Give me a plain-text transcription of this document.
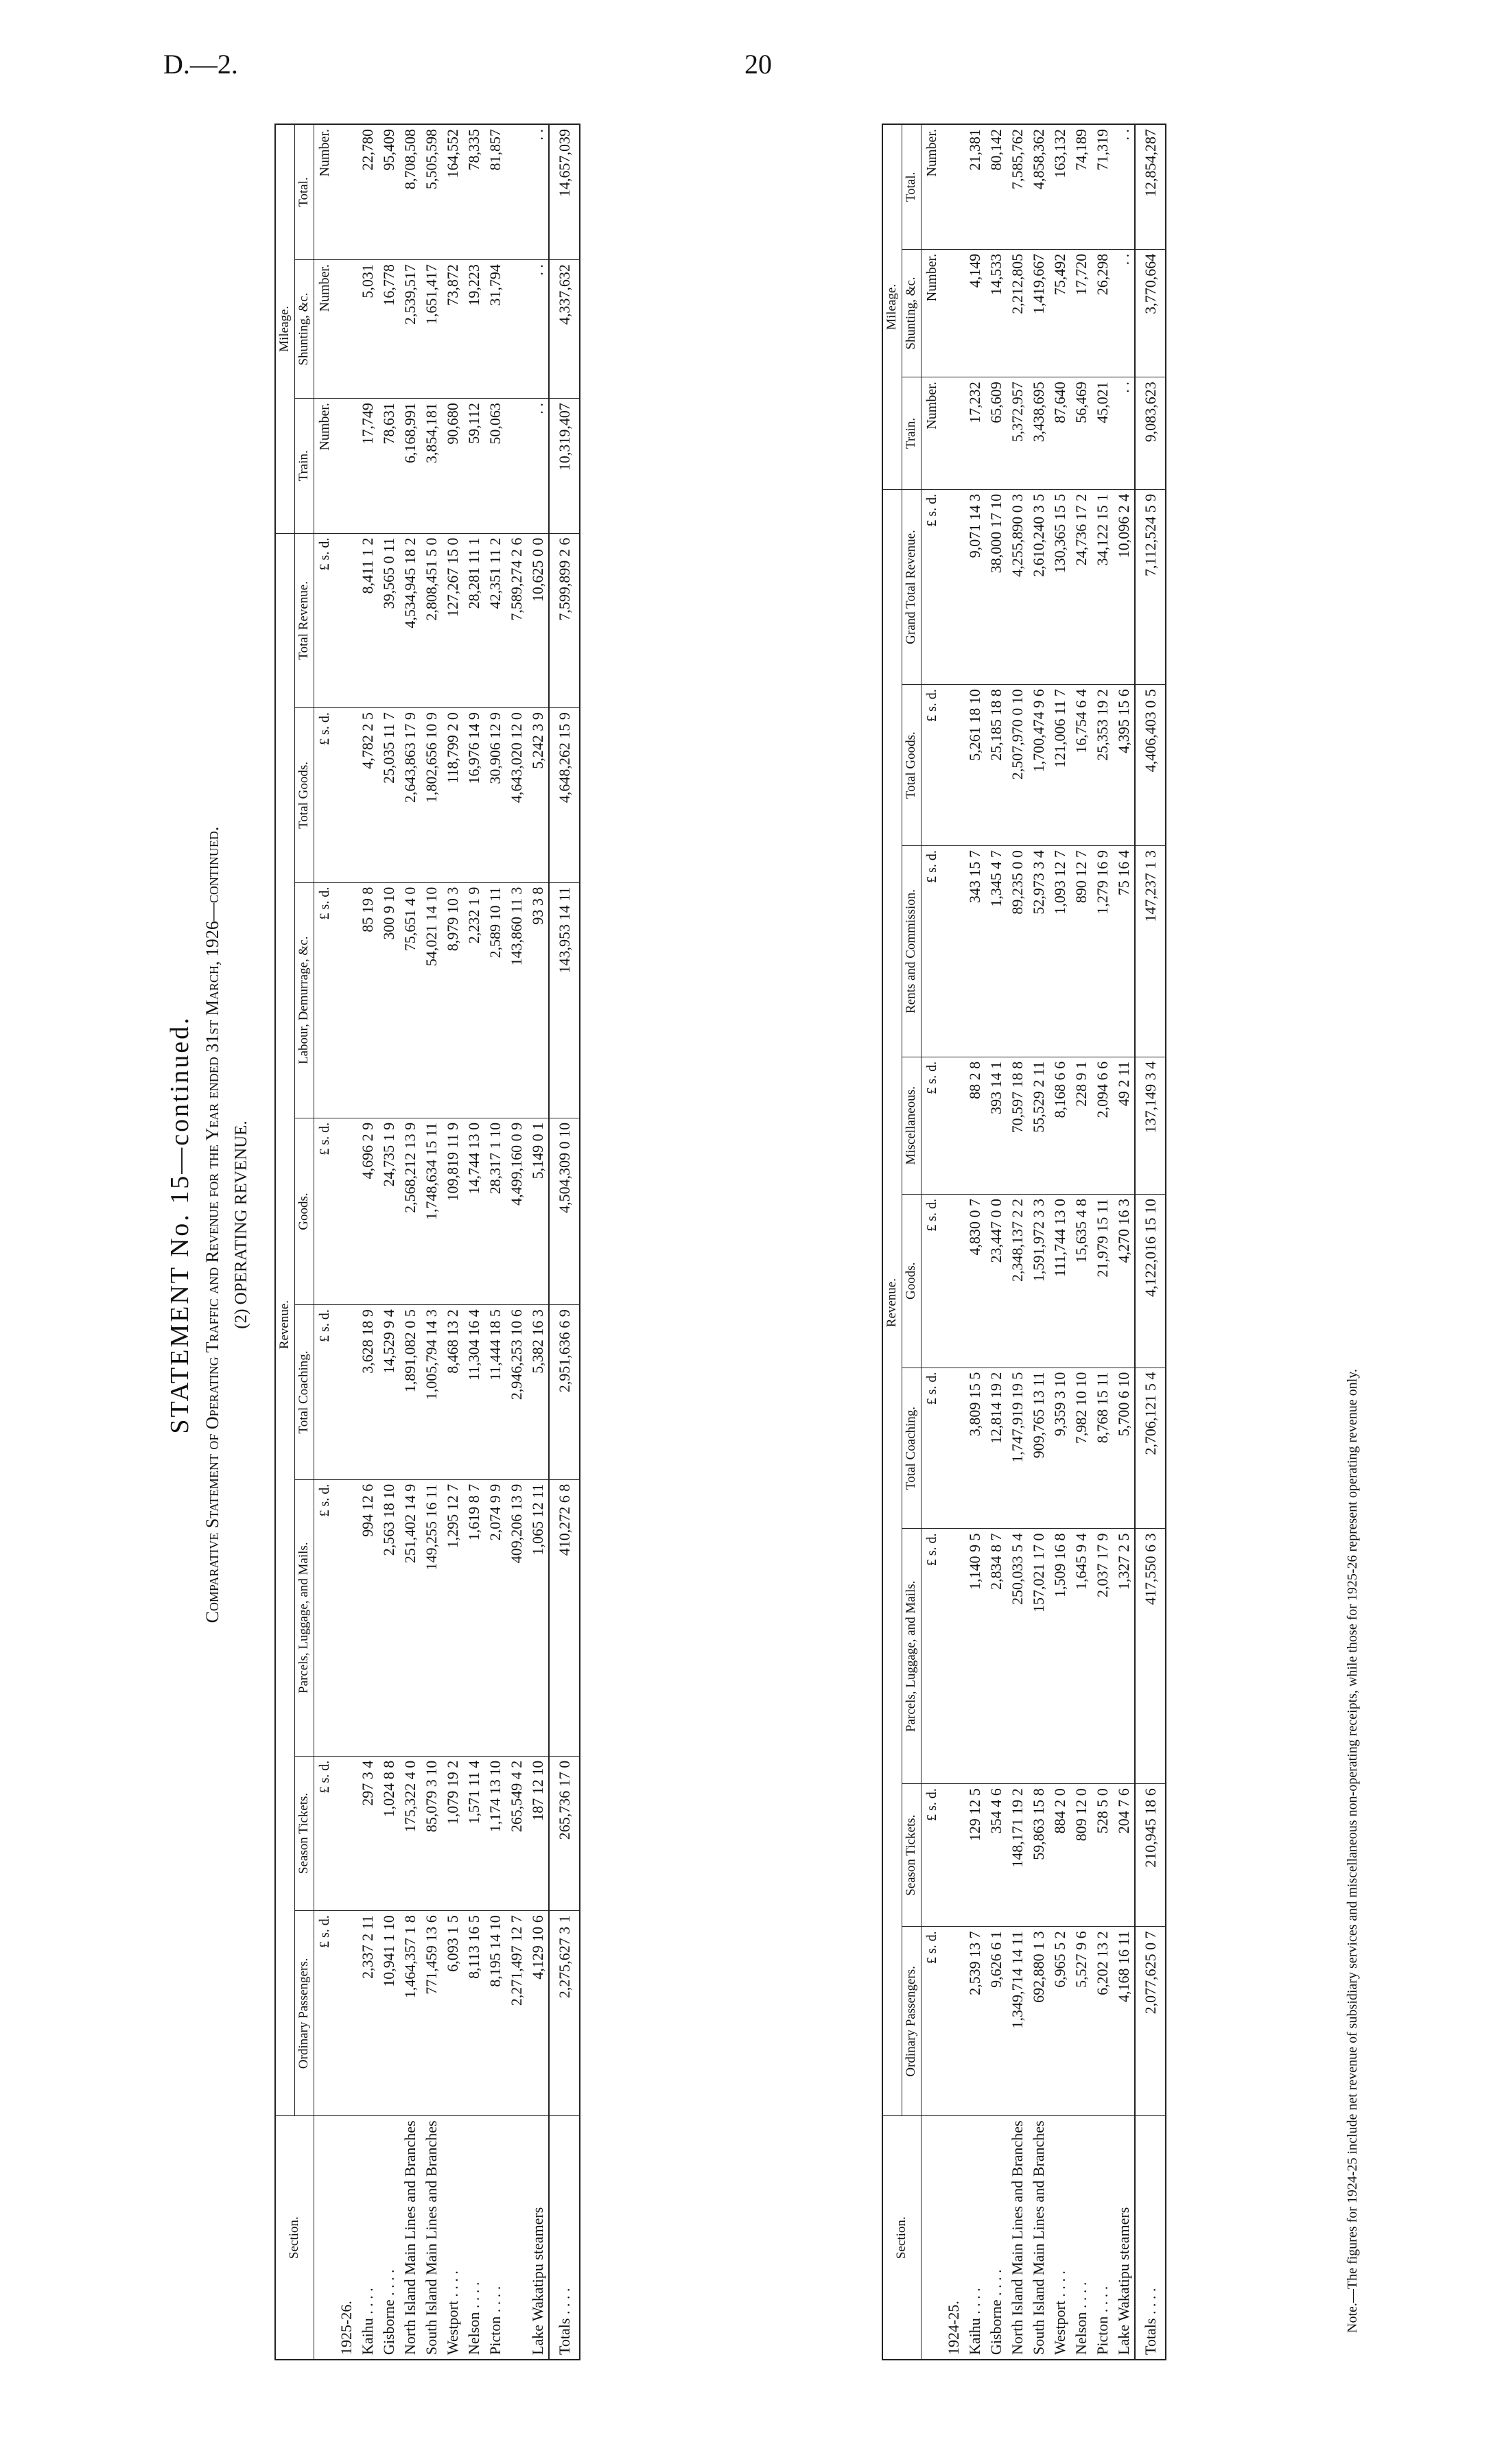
D.—2.	20
STATEMENT No. 15—continued. Comparative Statement of Operating Traffic and Revenue for the Year ended 31st March, 1926—continued. (2) OPERATING REVENUE.
Section.	Revenue.								Mileage.		
	Ordinary Passengers.	Season Tickets.	Parcels, Luggage, and Mails.	Total Coaching.	Goods.	Labour, Demurrage, &c.	Total Goods.	Total Revenue.	Train.	Shunting, &c.	Total.
	£ s. d.	£ s. d.	£ s. d.	£ s. d.	£ s. d.	£ s. d.	£ s. d.	£ s. d.	Number.	Number.	Number.
1925-26.											
Kaihu . . . .	2,337 2 11	297 3 4	994 12 6	3,628 18 9	4,696 2 9	85 19 8	4,782 2 5	8,411 1 2	17,749	5,031	22,780
Gisborne . . . .	10,941 1 10	1,024 8 8	2,563 18 10	14,529 9 4	24,735 1 9	300 9 10	25,035 11 7	39,565 0 11	78,631	16,778	95,409
North Island Main Lines and Branches	1,464,357 1 8	175,322 4 0	251,402 14 9	1,891,082 0 5	2,568,212 13 9	75,651 4 0	2,643,863 17 9	4,534,945 18 2	6,168,991	2,539,517	8,708,508
South Island Main Lines and Branches	771,459 13 6	85,079 3 10	149,255 16 11	1,005,794 14 3	1,748,634 15 11	54,021 14 10	1,802,656 10 9	2,808,451 5 0	3,854,181	1,651,417	5,505,598
Westport . . . .	6,093 1 5	1,079 19 2	1,295 12 7	8,468 13 2	109,819 11 9	8,979 10 3	118,799 2 0	127,267 15 0	90,680	73,872	164,552
Nelson . . . .	8,113 16 5	1,571 11 4	1,619 8 7	11,304 16 4	14,744 13 0	2,232 1 9	16,976 14 9	28,281 11 1	59,112	19,223	78,335
Picton . . . .	8,195 14 10	1,174 13 10	2,074 9 9	11,444 18 5	28,317 1 10	2,589 10 11	30,906 12 9	42,351 11 2	50,063	31,794	81,857
	2,271,497 12 7	265,549 4 2	409,206 13 9	2,946,253 10 6	4,499,160 0 9	143,860 11 3	4,643,020 12 0	7,589,274 2 6			
Lake Wakatipu steamers	4,129 10 6	187 12 10	1,065 12 11	5,382 16 3	5,149 0 1	93 3 8	5,242 3 9	10,625 0 0	. .	. .	. .
Totals . . . .	2,275,627 3 1	265,736 17 0	410,272 6 8	2,951,636 6 9	4,504,309 0 10	143,953 14 11	4,648,262 15 9	7,599,899 2 6	10,319,407	4,337,632	14,657,039
Section.	Revenue.									Mileage.		
	Ordinary Passengers.	Season Tickets.	Parcels, Luggage, and Mails.	Total Coaching.	Goods.	Miscellaneous.	Rents and Commission.	Total Goods.	Grand Total Revenue.	Train.	Shunting, &c.	Total.
	£ s. d.	£ s. d.	£ s. d.	£ s. d.	£ s. d.	£ s. d.	£ s. d.	£ s. d.	£ s. d.	Number.	Number.	Number.
1924-25.												
Kaihu . . . .	2,539 13 7	129 12 5	1,140 9 5	3,809 15 5	4,830 0 7	88 2 8	343 15 7	5,261 18 10	9,071 14 3	17,232	4,149	21,381
Gisborne . . . .	9,626 6 1	354 4 6	2,834 8 7	12,814 19 2	23,447 0 0	393 14 1	1,345 4 7	25,185 18 8	38,000 17 10	65,609	14,533	80,142
North Island Main Lines and Branches	1,349,714 14 11	148,171 19 2	250,033 5 4	1,747,919 19 5	2,348,137 2 2	70,597 18 8	89,235 0 0	2,507,970 0 10	4,255,890 0 3	5,372,957	2,212,805	7,585,762
South Island Main Lines and Branches	692,880 1 3	59,863 15 8	157,021 17 0	909,765 13 11	1,591,972 3 3	55,529 2 11	52,973 3 4	1,700,474 9 6	2,610,240 3 5	3,438,695	1,419,667	4,858,362
Westport . . . .	6,965 5 2	884 2 0	1,509 16 8	9,359 3 10	111,744 13 0	8,168 6 6	1,093 12 7	121,006 11 7	130,365 15 5	87,640	75,492	163,132
Nelson . . . .	5,527 9 6	809 12 0	1,645 9 4	7,982 10 10	15,635 4 8	228 9 1	890 12 7	16,754 6 4	24,736 17 2	56,469	17,720	74,189
Picton . . . .	6,202 13 2	528 5 0	2,037 17 9	8,768 15 11	21,979 15 11	2,094 6 6	1,279 16 9	25,353 19 2	34,122 15 1	45,021	26,298	71,319
Lake Wakatipu steamers	4,168 16 11	204 7 6	1,327 2 5	5,700 6 10	4,270 16 3	49 2 11	75 16 4	4,395 15 6	10,096 2 4	. .	. .	. .
Totals . . . .	2,077,625 0 7	210,945 18 6	417,550 6 3	2,706,121 5 4	4,122,016 15 10	137,149 3 4	147,237 1 3	4,406,403 0 5	7,112,524 5 9	9,083,623	3,770,664	12,854,287
Note.—The figures for 1924-25 include net revenue of subsidiary services and miscellaneous non-operating receipts, while those for 1925-26 represent operating revenue only.
